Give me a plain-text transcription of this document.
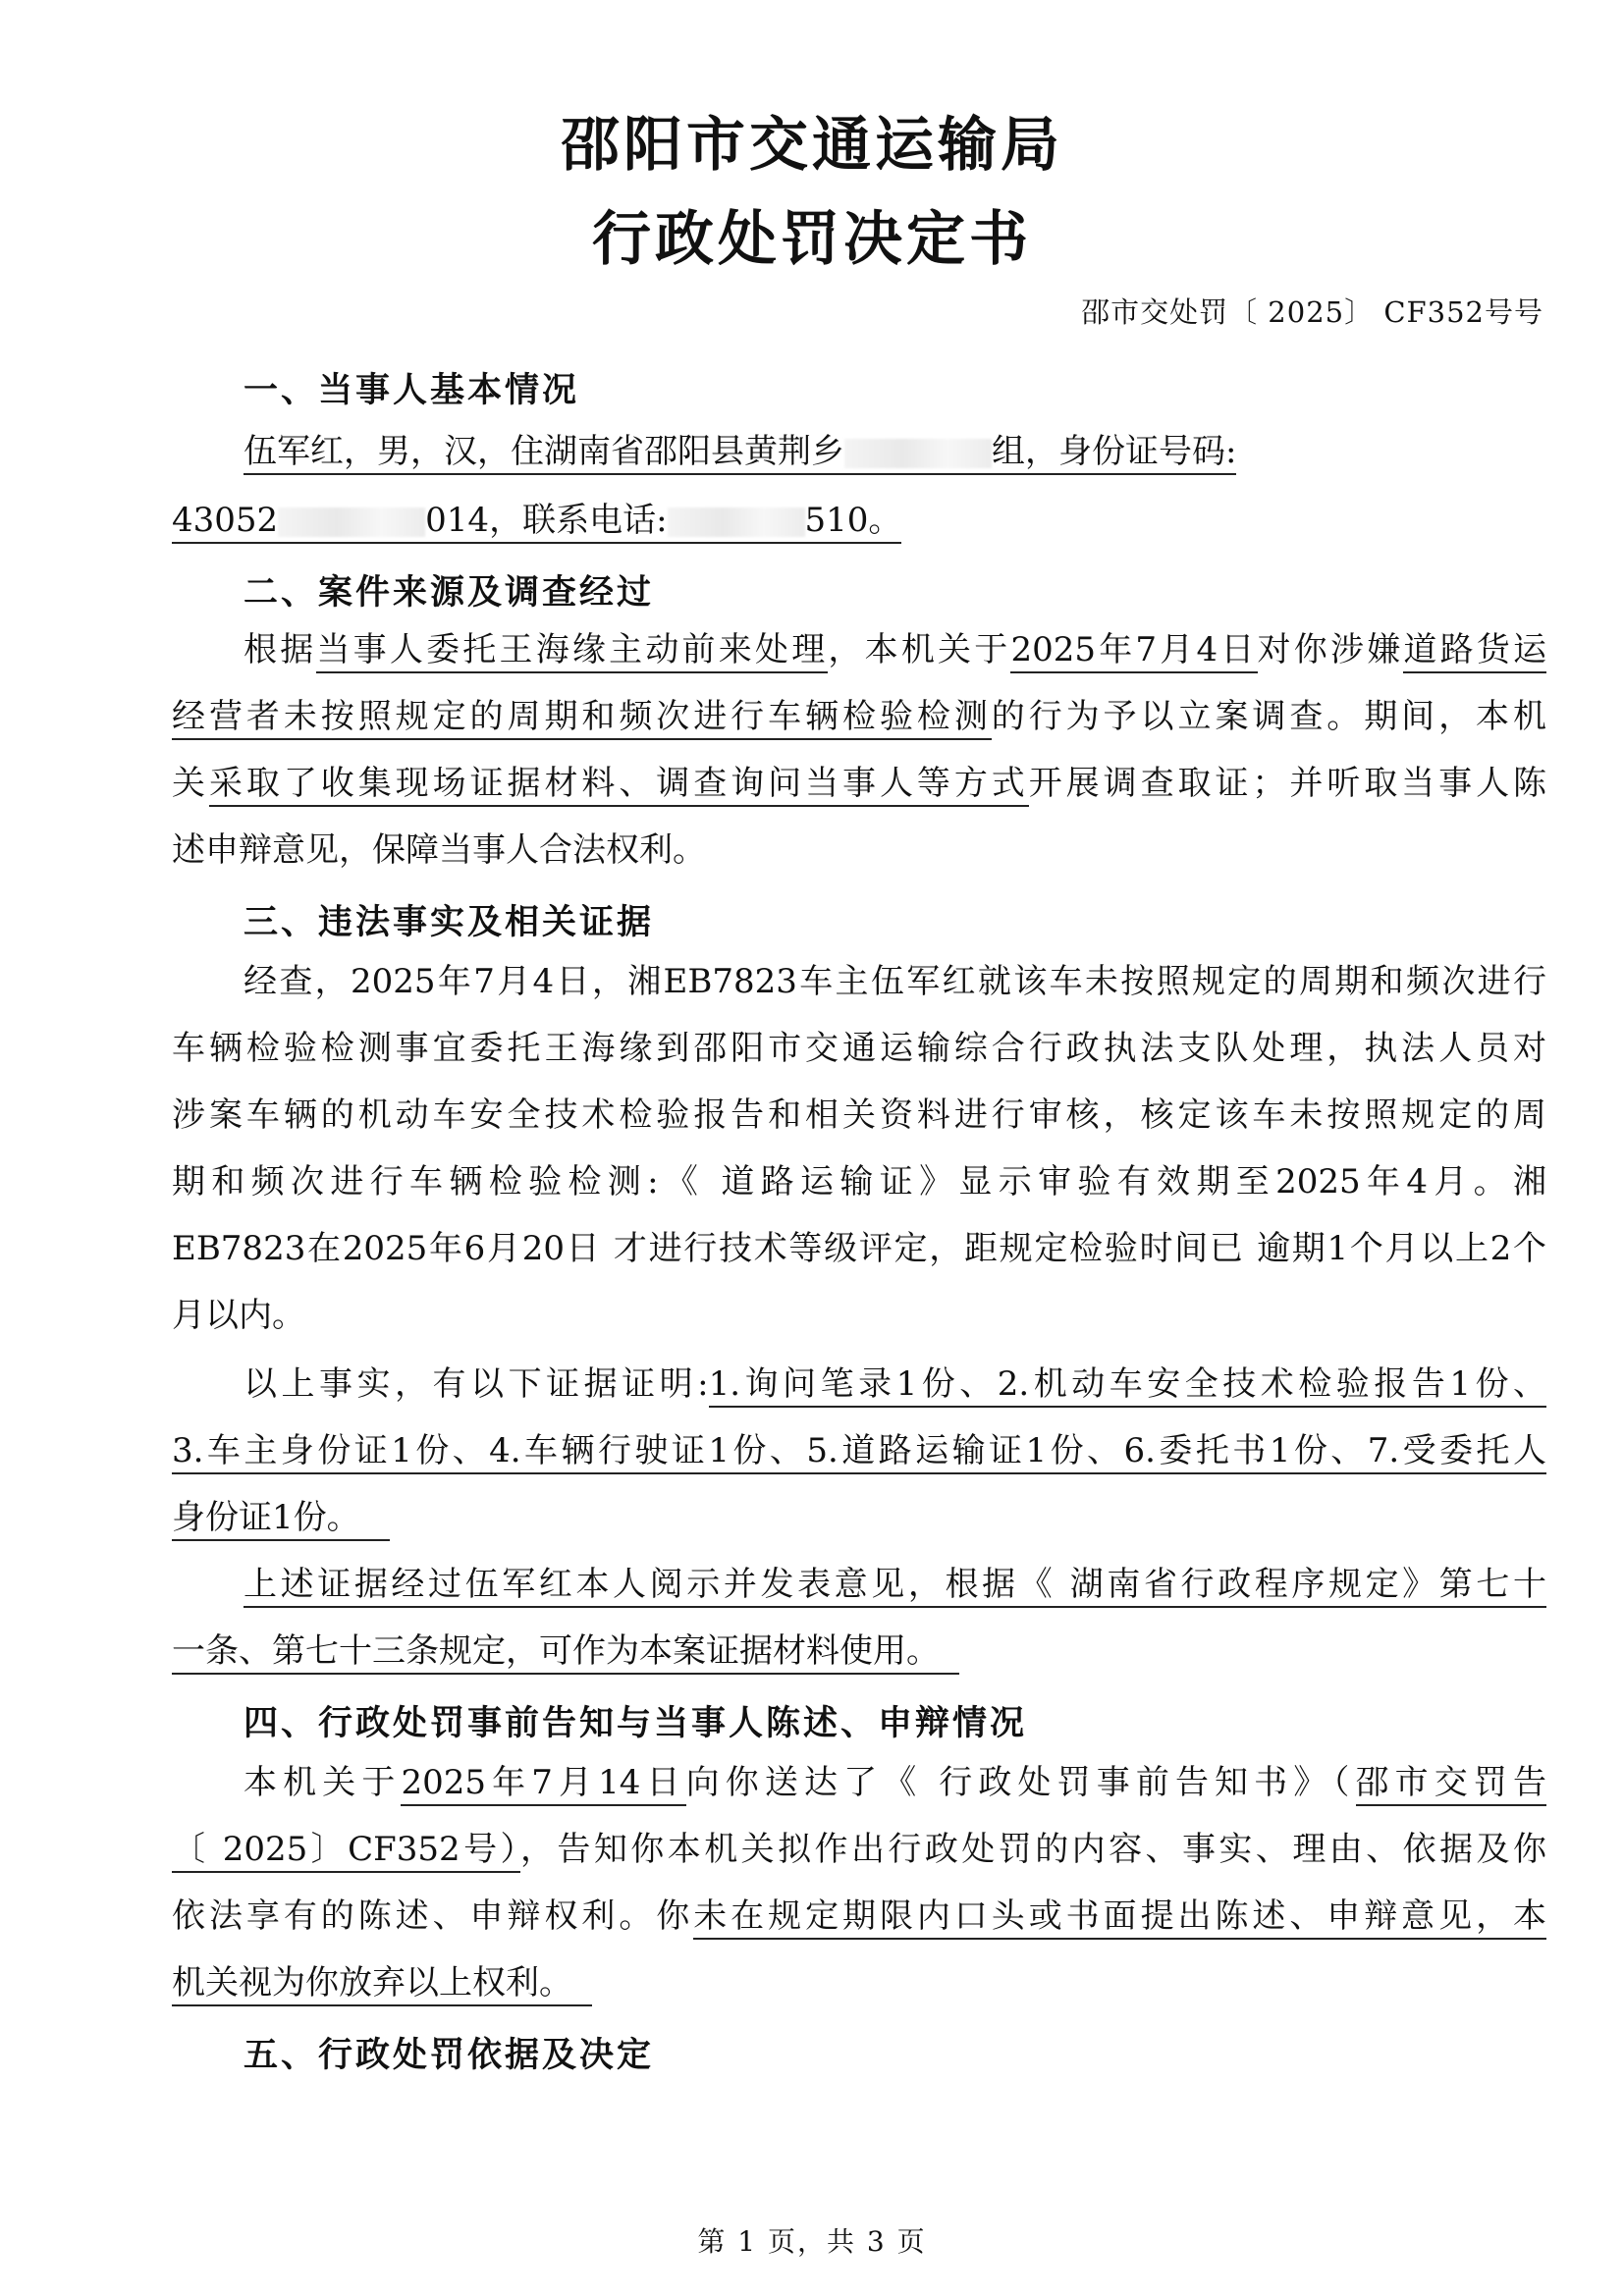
邵阳市交通运输局
行政处罚决定书
邵市交处罚〔 2025〕 CF352号号
一、当事人基本情况
伍军红，男，汉，住湖南省邵阳县黄荆乡	组，身份证号码:
43052	014，联系电话:	510。
二、案件来源及调查经过
根据当事人委托王海缘主动前来处理，本机关于2025年7月4日对你涉嫌道路货运
经营者未按照规定的周期和频次进行车辆检验检测的行为予以立案调查。期间，本机
关采取了收集现场证据材料、调查询问当事人等方式开展调查取证；并听取当事人陈
述申辩意见，保障当事人合法权利。
三、违法事实及相关证据
经查，2025年7月4日，湘EB7823车主伍军红就该车未按照规定的周期和频次进行
车辆检验检测事宜委托王海缘到邵阳市交通运输综合行政执法支队处理，执法人员对
涉案车辆的机动车安全技术检验报告和相关资料进行审核，核定该车未按照规定的周
期和频次进行车辆检验检测:《 道路运输证》显示审验有效期至2025年4月。湘
EB7823在2025年6月20日 才进行技术等级评定，距规定检验时间已 逾期1个月以上2个
月以内。
以上事实，有以下证据证明:1.询问笔录1份、2.机动车安全技术检验报告1份、
3.车主身份证1份、4.车辆行驶证1份、5.道路运输证1份、6.委托书1份、7.受委托人
身份证1份。
上述证据经过伍军红本人阅示并发表意见，根据《 湖南省行政程序规定》第七十
一条、第七十三条规定，可作为本案证据材料使用。
四、行政处罚事前告知与当事人陈述、申辩情况
本机关于2025年7月14日向你送达了《 行政处罚事前告知书》（邵市交罚告
〔 2025〕CF352号），告知你本机关拟作出行政处罚的内容、事实、理由、依据及你
依法享有的陈述、申辩权利。你未在规定期限内口头或书面提出陈述、申辩意见，本
机关视为你放弃以上权利。
五、行政处罚依据及决定
第 1 页，共 3 页
